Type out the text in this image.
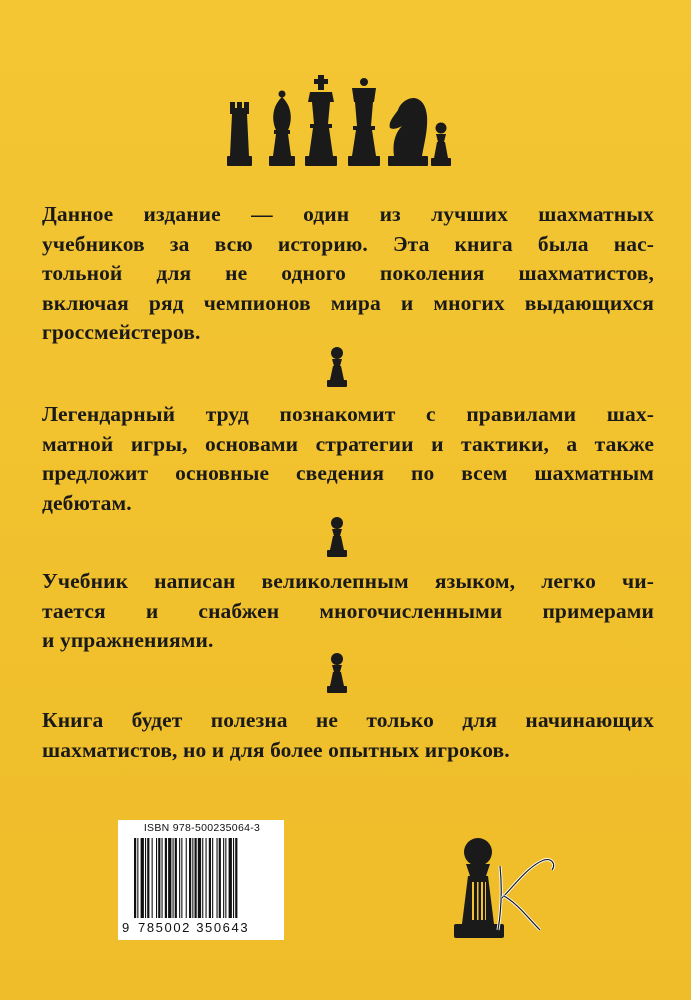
Данное издание — один из лучших шахматных
учебников за всю историю. Эта книга была нас-
тольной для не одного поколения шахматистов,
включая ряд чемпионов мира и многих выдающихся
гроссмейстеров.
Легендарный труд познакомит с правилами шах-
матной игры, основами стратегии и тактики, а также
предложит основные сведения по всем шахматным
дебютам.
Учебник написан великолепным языком, легко чи-
тается и снабжен многочисленными примерами
и упражнениями.
Книга будет полезна не только для начинающих
шахматистов, но и для более опытных игроков.
ISBN 978-500235064-3
9 785002 350643
